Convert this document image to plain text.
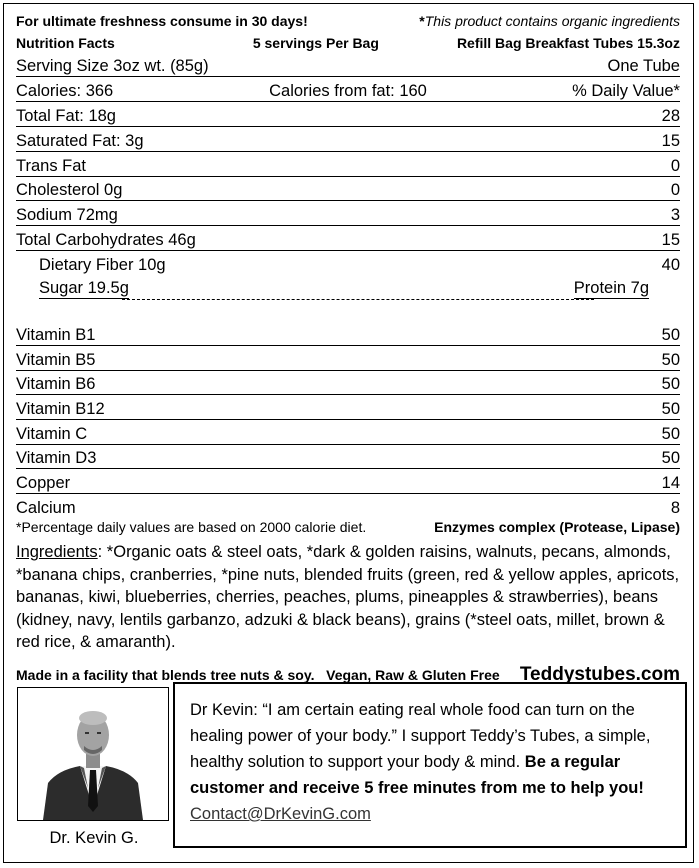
For ultimate freshness consume in 30 days!	*This product contains organic ingredients
Nutrition Facts	5 servings Per Bag	Refill Bag Breakfast Tubes 15.3oz
Serving Size 3oz wt. (85g)	One Tube
Calories: 366	Calories from fat: 160	% Daily Value*
Total Fat: 18g	28
Saturated Fat: 3g	15
Trans Fat	0
Cholesterol 0g	0
Sodium 72mg	3
Total Carbohydrates 46g	15
Dietary Fiber 10g	40
Sugar 19.5g	Protein 7g
Vitamin B1	50
Vitamin B5	50
Vitamin B6	50
Vitamin B12	50
Vitamin C	50
Vitamin D3	50
Copper	14
Calcium	8
*Percentage daily values are based on 2000 calorie diet.	Enzymes complex (Protease, Lipase)
Ingredients: *Organic oats & steel oats, *dark & golden raisins, walnuts, pecans, almonds, *banana chips, cranberries, *pine nuts, blended fruits (green, red & yellow apples, apricots, bananas, kiwi, blueberries, cherries, peaches, plums, pineapples & strawberries), beans (kidney, navy, lentils garbanzo, adzuki & black beans), grains (*steel oats, millet, brown & red rice, & amaranth).
Made in a facility that blends tree nuts & soy. Vegan, Raw & Gluten Free Teddystubes.com
Dr. Kevin G.
Dr Kevin: “I am certain eating real whole food can turn on the healing power of your body.” I support Teddy’s Tubes, a simple, healthy solution to support your body & mind. Be a regular customer and receive 5 free minutes from me to help you! Contact@DrKevinG.com
